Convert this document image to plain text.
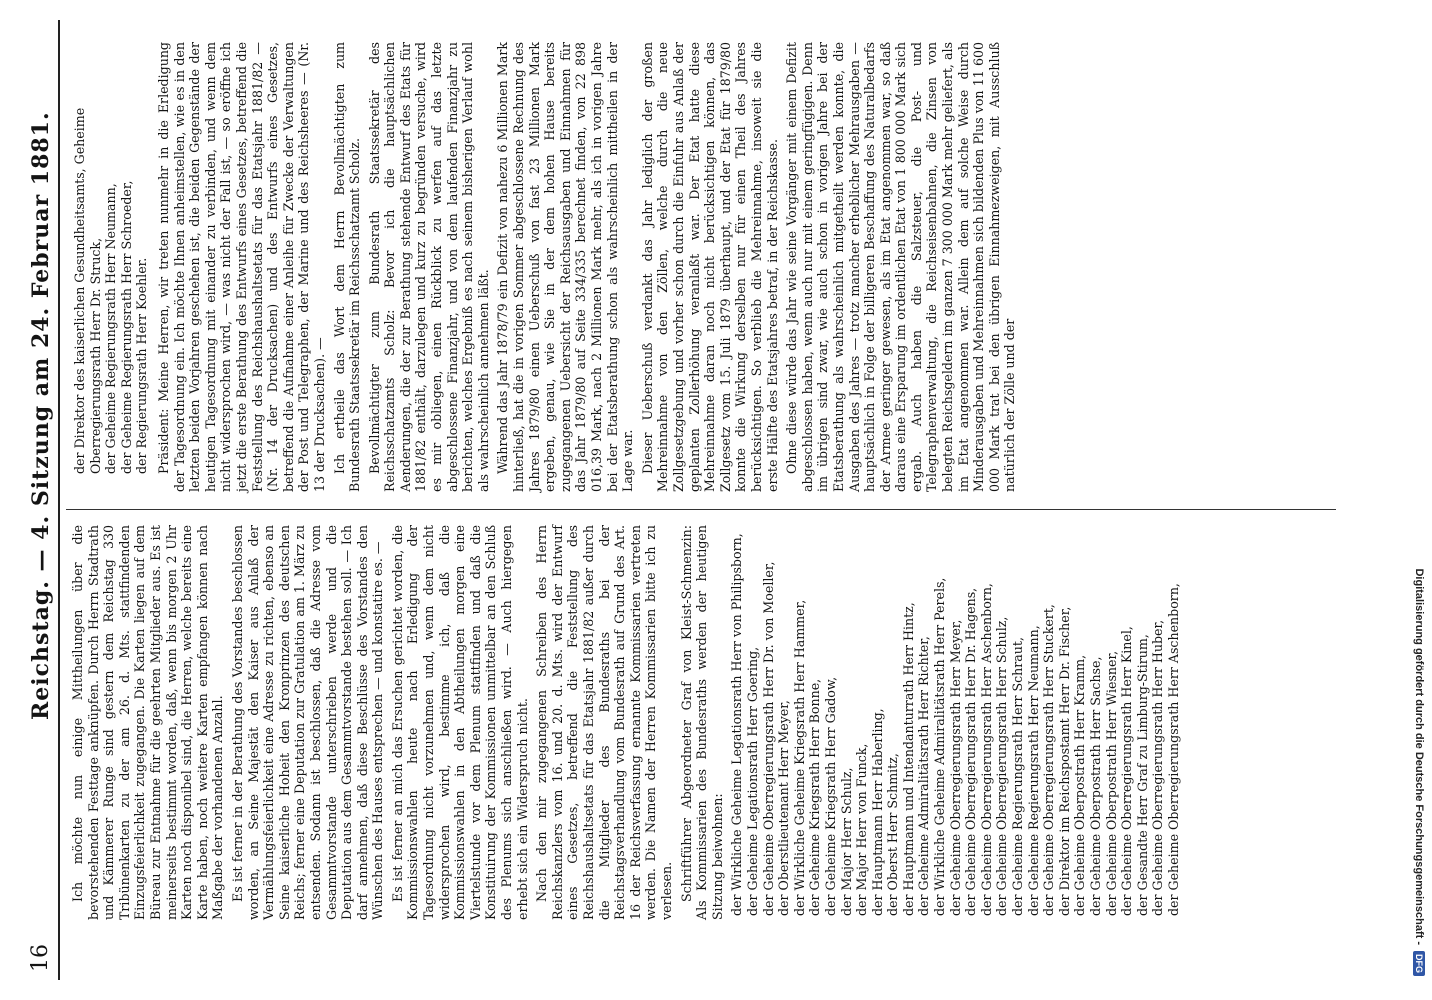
16
Reichstag. — 4. Sitzung am 24. Februar 1881. Ich möchte nun einige Mittheilungen über die bevorstehenden Festtage anknüpfen. Durch Herrn Stadtrath und Kämmerer Runge sind gestern dem Reichstag 330 Tribünenkarten zu der am 26. d. Mts. stattfindenden Einzugsfeierlichkeit zugegangen. Die Karten liegen auf dem Büreau zur Entnahme für die geehrten Mitglieder aus. Es ist meinerseits bestimmt worden, daß, wenn bis morgen 2 Uhr Karten noch disponibel sind, die Herren, welche bereits eine Karte haben, noch weitere Karten empfangen können nach Maßgabe der vorhandenen Anzahl. Es ist ferner in der Berathung des Vorstandes beschlossen worden, an Seine Majestät den Kaiser aus Anlaß der Vermählungsfeierlichkeit eine Adresse zu richten, ebenso an Seine kaiserliche Hoheit den Kronprinzen des deutschen Reichs; ferner eine Deputation zur Gratulation am 1. März zu entsenden. Sodann ist beschlossen, daß die Adresse vom Gesammtvorstande unterschrieben werde und die Deputation aus dem Gesammtvorstande bestehen soll. — Ich darf annehmen, daß diese Beschlüsse des Vorstandes den Wünschen des Hauses entsprechen — und konstatire es. — Es ist ferner an mich das Ersuchen gerichtet worden, die Kommissionswahlen heute nach Erledigung der Tagesordnung nicht vorzunehmen und, wenn dem nicht widersprochen wird, bestimme ich, daß die Kommissionswahlen in den Abtheilungen morgen eine Viertelstunde vor dem Plenum stattfinden und daß die Konstituirung der Kommissionen unmittelbar an den Schluß des Plenums sich anschließen wird. — Auch hiergegen erhebt sich ein Widerspruch nicht. Nach den mir zugegangenen Schreiben des Herrn Reichskanzlers vom 16. und 20. d. Mts. wird der Entwurf eines Gesetzes, betreffend die Feststellung des Reichshaushaltsetats für das Etatsjahr 1881/82 außer durch die Mitglieder des Bundesraths bei der Reichstagsverhandlung vom Bundesrath auf Grund des Art. 16 der Reichsverfassung ernannte Kommissarien vertreten werden. Die Namen der Herren Kommissarien bitte ich zu verlesen. Schriftführer Abgeordneter Graf von Kleist-Schmenzin: Als Kommissarien des Bundesraths werden der heutigen Sitzung beiwohnen: der Wirkliche Geheime Legationsrath Herr von Philipsborn, der Geheime Legationsrath Herr Goering, der Geheime Oberregierungsrath Herr Dr. von Moeller, der Oberstlieutenant Herr Meyer, der Wirkliche Geheime Kriegsrath Herr Hammer, der Geheime Kriegsrath Herr Bonne, der Geheime Kriegsrath Herr Gadow, der Major Herr Schulz, der Major Herr von Funck, der Hauptmann Herr Haberling, der Oberst Herr Schmitz, der Hauptmann und Intendanturrath Herr Hintz, der Geheime Admiralitätsrath Herr Richter, der Wirkliche Geheime Admiralitätsrath Herr Perels, der Geheime Oberregierungsrath Herr Meyer, der Geheime Oberregierungsrath Herr Dr. Hagens, der Geheime Oberregierungsrath Herr Aschenborn, der Geheime Oberregierungsrath Herr Schulz, der Geheime Regierungsrath Herr Schraut, der Geheime Regierungsrath Herr Neumann, der Geheime Oberregierungsrath Herr Stuckert, der Direktor im Reichspostamt Herr Dr. Fischer, der Geheime Oberpostrath Herr Kramm, der Geheime Oberpostrath Herr Sachse, der Geheime Oberpostrath Herr Wiesner, der Geheime Oberregierungsrath Herr Kinel, der Gesandte Herr Graf zu Limburg-Stirum, der Geheime Oberregierungsrath Herr Huber, der Geheime Oberregierungsrath Herr Aschenborn,
der Direktor des kaiserlichen Gesundheitsamts, Geheime Oberregierungsrath Herr Dr. Struck, der Geheime Regierungsrath Herr Neumann, der Geheime Regierungsrath Herr Schroeder, der Regierungsrath Herr Koehler. Präsident: Meine Herren, wir treten nunmehr in die Erledigung der Tagesordnung ein. Ich möchte Ihnen anheimstellen, wie es in den letzten beiden Vorjahren geschehen ist, die beiden Gegenstände der heutigen Tagesordnung mit einander zu verbinden, und wenn dem nicht widersprochen wird, — was nicht der Fall ist, — so eröffne ich jetzt die erste Berathung des Entwurfs eines Gesetzes, betreffend die Feststellung des Reichshaushaltsetats für das Etatsjahr 1881/82 — (Nr. 14 der Drucksachen) und des Entwurfs eines Gesetzes, betreffend die Aufnahme einer Anleihe für Zwecke der Verwaltungen der Post und Telegraphen, der Marine und des Reichsheeres — (Nr. 13 der Drucksachen). — Ich ertheile das Wort dem Herrn Bevollmächtigten zum Bundesrath Staatssekretär im Reichsschatzamt Scholz. Bevollmächtigter zum Bundesrath Staatssekretär des Reichsschatzamts Scholz: Bevor ich die hauptsächlichen Aenderungen, die der zur Berathung stehende Entwurf des Etats für 1881/82 enthält, darzulegen und kurz zu begründen versuche, wird es mir obliegen, einen Rückblick zu werfen auf das letzte abgeschlossene Finanzjahr, und von dem laufenden Finanzjahr zu berichten, welches Ergebniß es nach seinem bisherigen Verlauf wohl als wahrscheinlich annehmen läßt. Während das Jahr 1878/79 ein Defizit von nahezu 6 Millionen Mark hinterließ, hat die in vorigen Sommer abgeschlossene Rechnung des Jahres 1879/80 einen Ueberschuß von fast 23 Millionen Mark ergeben, genau, wie Sie in der dem hohen Hause bereits zugegangenen Uebersicht der Reichsausgaben und Einnahmen für das Jahr 1879/80 auf Seite 334/335 berechnet finden, von 22 898 016,39 Mark, nach 2 Millionen Mark mehr, als ich in vorigen Jahre bei der Etatsberathung schon als wahrscheinlich mittheilen in der Lage war. Dieser Ueberschuß verdankt das Jahr lediglich der großen Mehreinnahme von den Zöllen, welche durch die neue Zollgesetzgebung und vorher schon durch die Einfuhr aus Anlaß der geplanten Zollerhöhung veranlaßt war. Der Etat hatte diese Mehreinnahme daran noch nicht berücksichtigen können, das Zollgesetz vom 15. Juli 1879 überhaupt, und der Etat für 1879/80 konnte die Wirkung derselben nur für einen Theil des Jahres berücksichtigen. So verblieb die Mehreinnahme, insoweit sie die erste Hälfte des Etatsjahres betraf, in der Reichskasse. Ohne diese würde das Jahr wie seine Vorgänger mit einem Defizit abgeschlossen haben, wenn auch nur mit einem geringfügigen. Denn im übrigen sind zwar, wie auch schon in vorigen Jahre bei der Etatsberathung als wahrscheinlich mitgetheilt werden konnte, die Ausgaben des Jahres — trotz mancher erheblicher Mehrausgaben — hauptsächlich in Folge der billigeren Beschaffung des Naturalbedarfs der Armee geringer gewesen, als im Etat angenommen war, so daß daraus eine Ersparung im ordentlichen Etat von 1 800 000 Mark sich ergab. Auch haben die Salzsteuer, die Post- und Telegraphenverwaltung, die Reichseisenbahnen, die Zinsen von belegten Reichsgeldern im ganzen 7 300 000 Mark mehr geliefert, als im Etat angenommen war. Allein dem auf solche Weise durch Minderausgaben und Mehreinnahmen sich bildenden Plus von 11 600 000 Mark trat bei den übrigen Einnahmezweigen, mit Ausschluß natürlich der Zölle und der

Digitalisierung gefördert durch die Deutsche Forschungsgemeinschaft -
DFG
